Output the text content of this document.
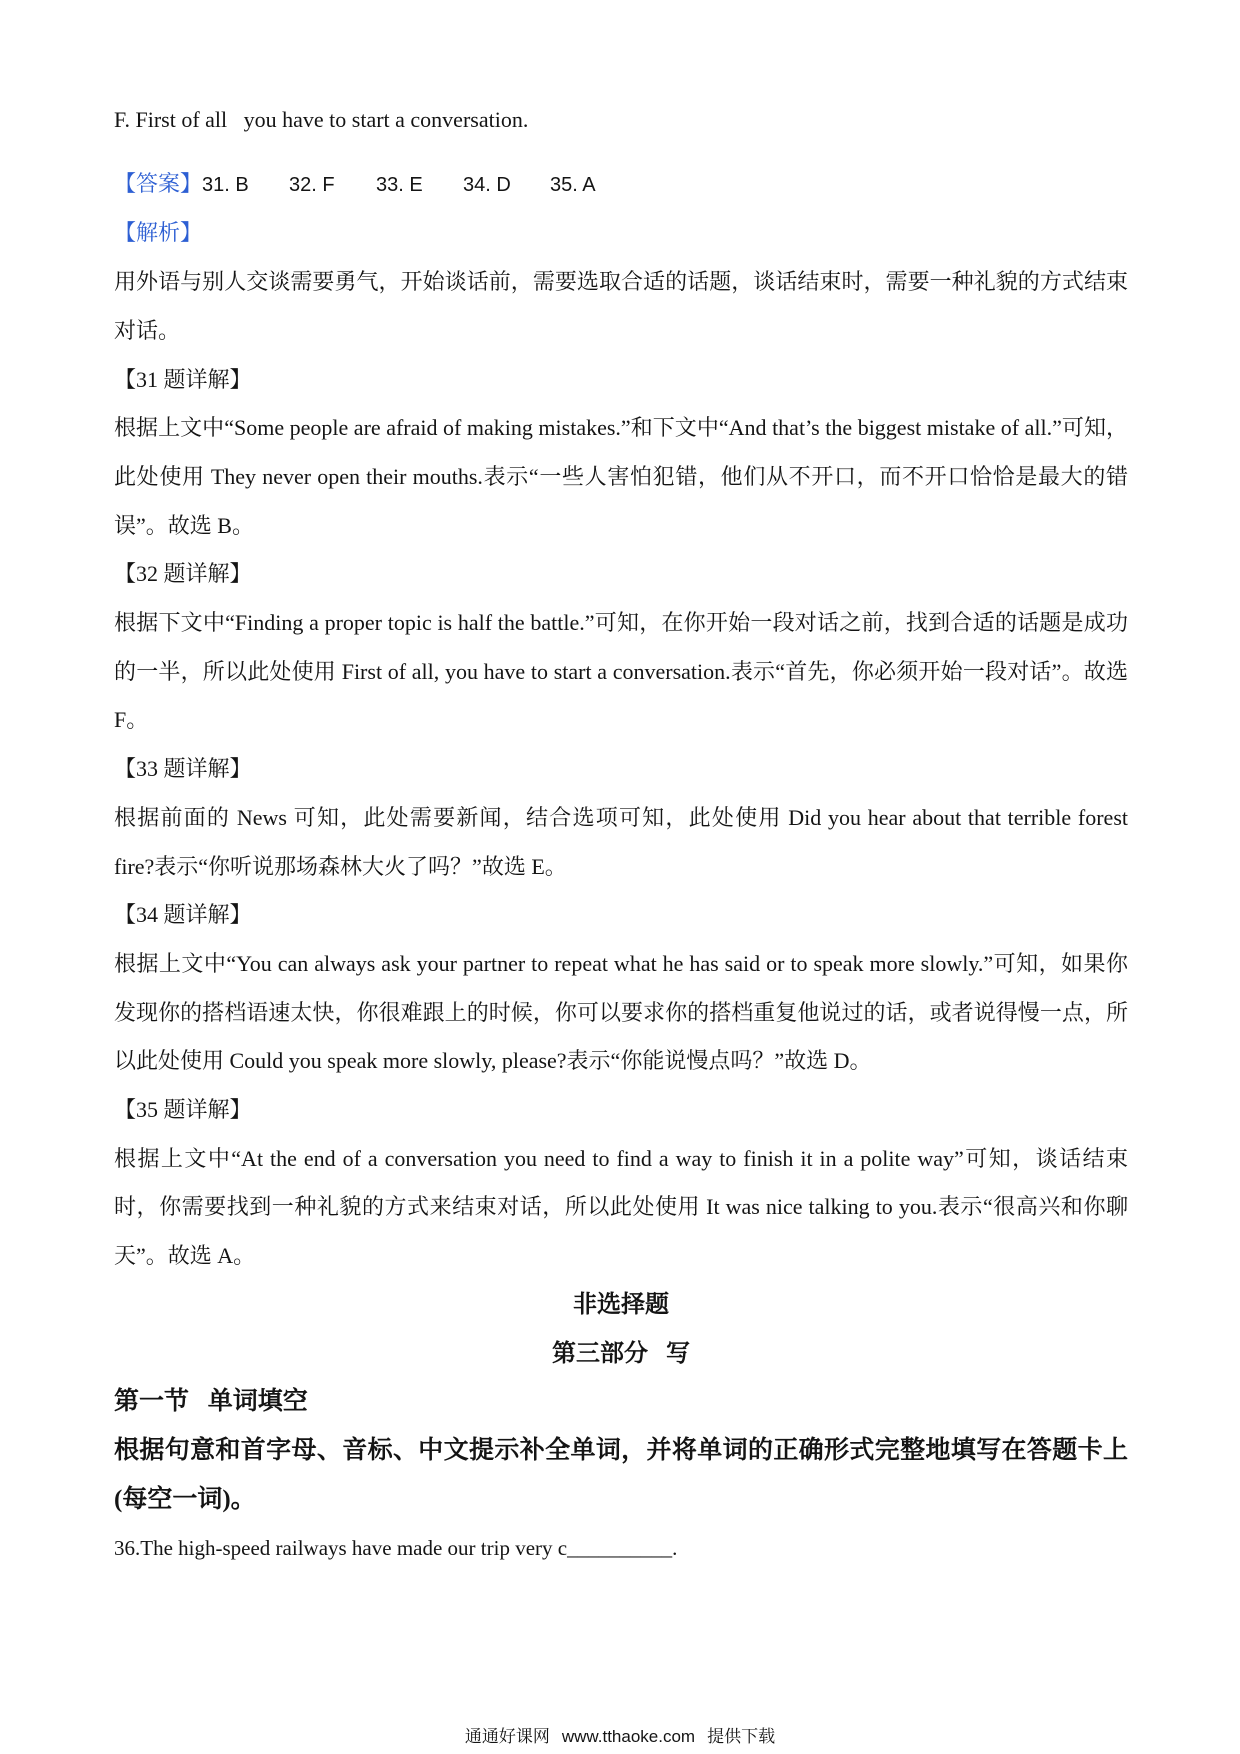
F. First of all   you have to start a conversation.

【答案】31. B 32. F 33. E 34. D 35. A

【解析】

用外语与别人交谈需要勇气，开始谈话前，需要选取合适的话题，谈话结束时，需要一种礼貌的方式结束对话。

【31 题详解】

根据上文中“Some people are afraid of making mistakes.”和下文中“And that’s the biggest mistake of all.”可知，此处使用 They never open their mouths.表示“一些人害怕犯错，他们从不开口，而不开口恰恰是最大的错误”。故选 B。

【32 题详解】

根据下文中“Finding a proper topic is half the battle.”可知，在你开始一段对话之前，找到合适的话题是成功的一半，所以此处使用 First of all, you have to start a conversation.表示“首先，你必须开始一段对话”。故选 F。

【33 题详解】

根据前面的 News 可知，此处需要新闻，结合选项可知，此处使用 Did you hear about that terrible forest fire?表示“你听说那场森林大火了吗？”故选 E。

【34 题详解】

根据上文中“You can always ask your partner to repeat what he has said or to speak more slowly.”可知，如果你发现你的搭档语速太快，你很难跟上的时候，你可以要求你的搭档重复他说过的话，或者说得慢一点，所以此处使用 Could you speak more slowly, please?表示“你能说慢点吗？”故选 D。

【35 题详解】

根据上文中“At the end of a conversation you need to find a way to finish it in a polite way”可知，谈话结束时，你需要找到一种礼貌的方式来结束对话，所以此处使用 It was nice talking to you.表示“很高兴和你聊天”。故选 A。

非选择题

第三部分   写

第一节   单词填空

根据句意和首字母、音标、中文提示补全单词，并将单词的正确形式完整地填写在答题卡上(每空一词)。

36.The high-speed railways have made our trip very c__________.

通通好课网 www.tthaoke.com 提供下载
